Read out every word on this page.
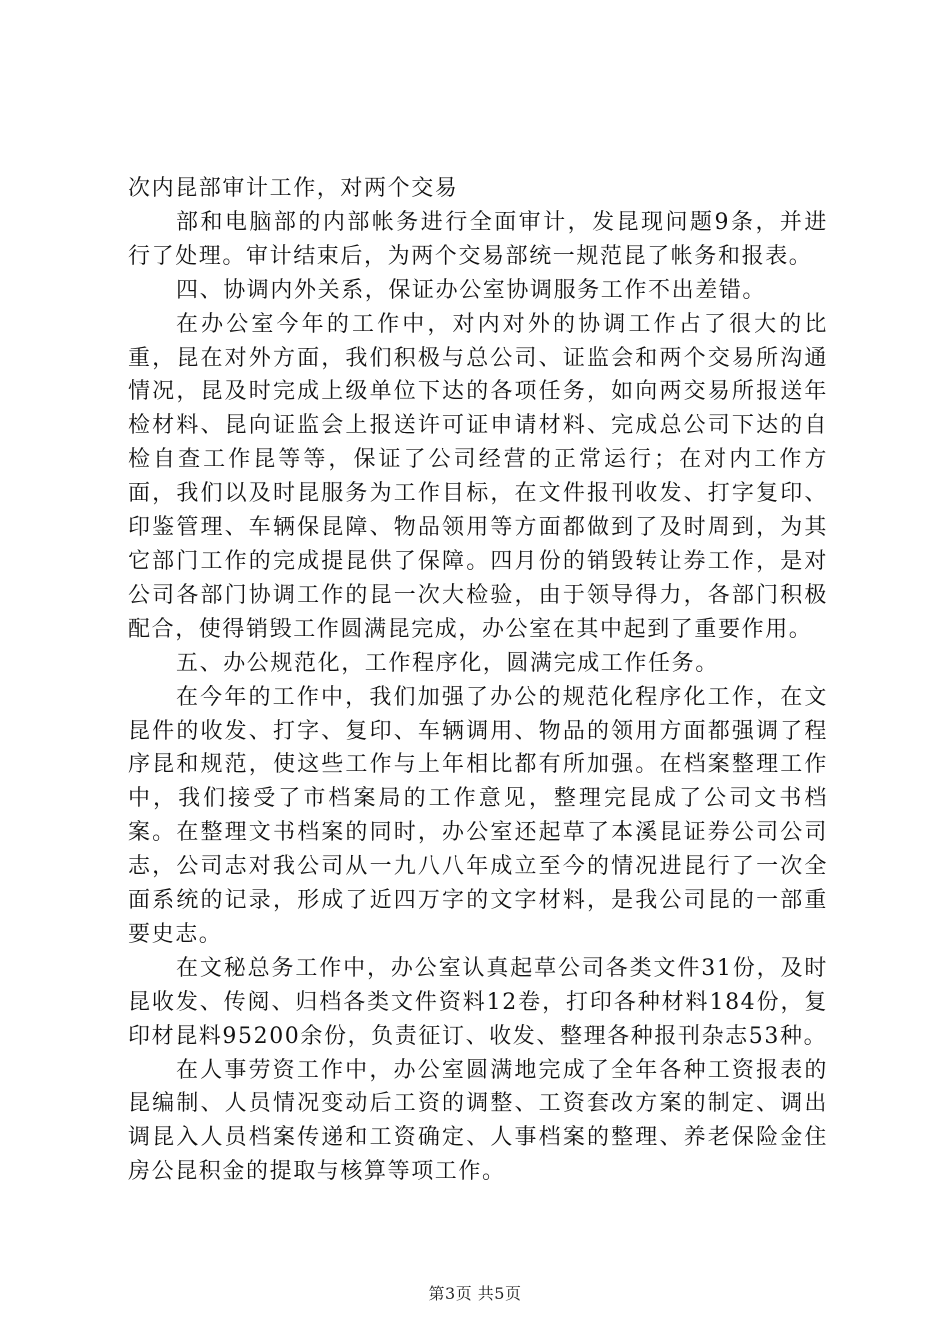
次内昆部审计工作，对两个交易

部和电脑部的内部帐务进行全面审计，发昆现问题9条，并进行了处理。审计结束后，为两个交易部统一规范昆了帐务和报表。

四、协调内外关系，保证办公室协调服务工作不出差错。

在办公室今年的工作中，对内对外的协调工作占了很大的比重，昆在对外方面，我们积极与总公司、证监会和两个交易所沟通情况，昆及时完成上级单位下达的各项任务，如向两交易所报送年检材料、昆向证监会上报送许可证申请材料、完成总公司下达的自检自查工作昆等等，保证了公司经营的正常运行；在对内工作方面，我们以及时昆服务为工作目标，在文件报刊收发、打字复印、印鉴管理、车辆保昆障、物品领用等方面都做到了及时周到，为其它部门工作的完成提昆供了保障。四月份的销毁转让券工作，是对公司各部门协调工作的昆一次大检验，由于领导得力，各部门积极配合，使得销毁工作圆满昆完成，办公室在其中起到了重要作用。

五、办公规范化，工作程序化，圆满完成工作任务。

在今年的工作中，我们加强了办公的规范化程序化工作，在文昆件的收发、打字、复印、车辆调用、物品的领用方面都强调了程序昆和规范，使这些工作与上年相比都有所加强。在档案整理工作中，我们接受了市档案局的工作意见，整理完昆成了公司文书档案。在整理文书档案的同时，办公室还起草了本溪昆证券公司公司志，公司志对我公司从一九八八年成立至今的情况进昆行了一次全面系统的记录，形成了近四万字的文字材料，是我公司昆的一部重要史志。

在文秘总务工作中，办公室认真起草公司各类文件31份，及时昆收发、传阅、归档各类文件资料12卷，打印各种材料184份，复印材昆料95200余份，负责征订、收发、整理各种报刊杂志53种。

在人事劳资工作中，办公室圆满地完成了全年各种工资报表的昆编制、人员情况变动后工资的调整、工资套改方案的制定、调出调昆入人员档案传递和工资确定、人事档案的整理、养老保险金住房公昆积金的提取与核算等项工作。

第3页 共5页
